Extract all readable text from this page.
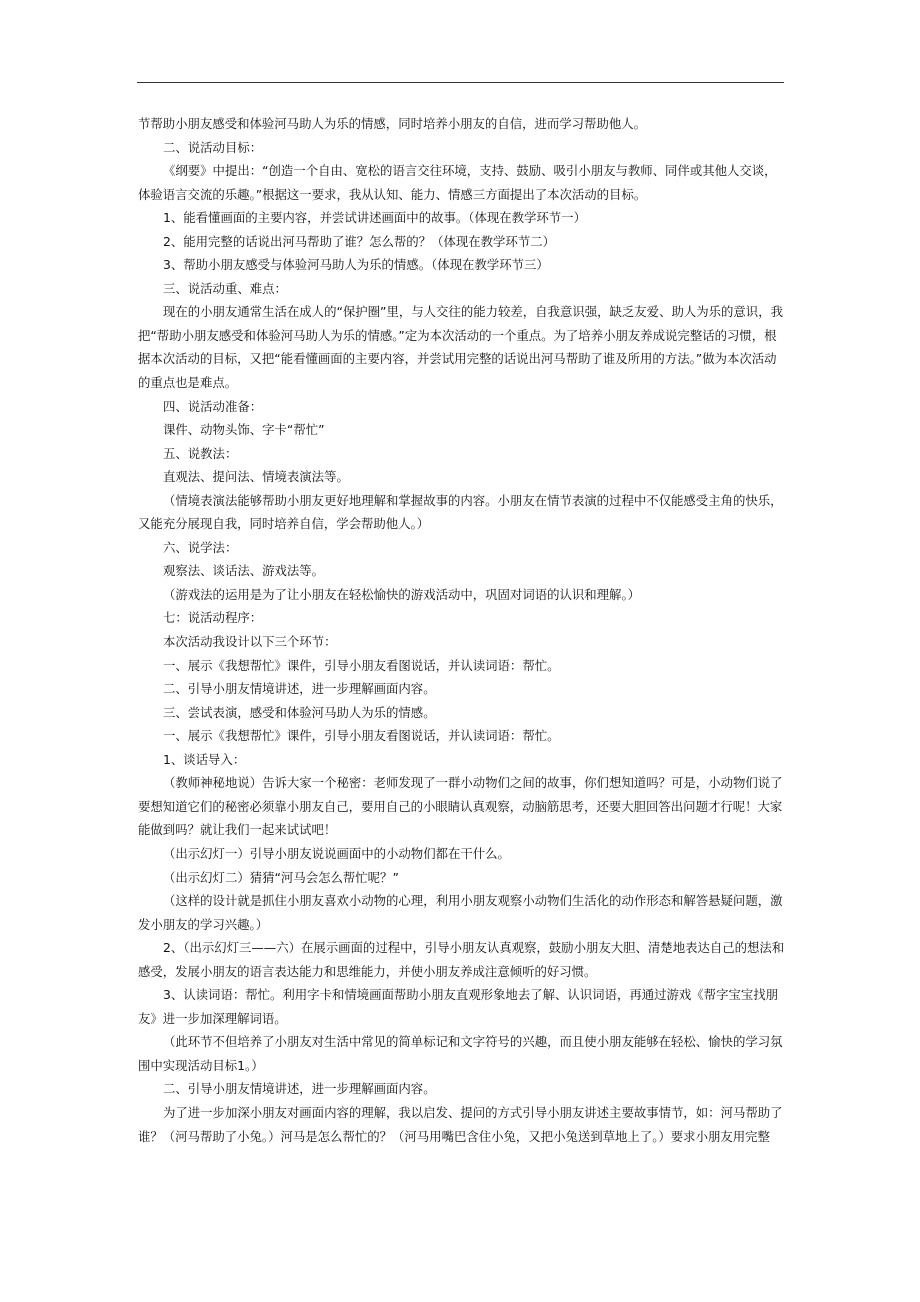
节帮助小朋友感受和体验河马助人为乐的情感，同时培养小朋友的自信，进而学习帮助他人。

二、说活动目标：

《纲要》中提出：“创造一个自由、宽松的语言交往环境，支持、鼓励、吸引小朋友与教师、同伴或其他人交谈，体验语言交流的乐趣。”根据这一要求，我从认知、能力、情感三方面提出了本次活动的目标。

1、能看懂画面的主要内容，并尝试讲述画面中的故事。（体现在教学环节一）

2、能用完整的话说出河马帮助了谁？怎么帮的？（体现在教学环节二）

3、帮助小朋友感受与体验河马助人为乐的情感。（体现在教学环节三）

三、说活动重、难点：

现在的小朋友通常生活在成人的“保护圈”里，与人交往的能力较差，自我意识强，缺乏友爱、助人为乐的意识，我把“帮助小朋友感受和体验河马助人为乐的情感。”定为本次活动的一个重点。为了培养小朋友养成说完整话的习惯，根据本次活动的目标，又把“能看懂画面的主要内容，并尝试用完整的话说出河马帮助了谁及所用的方法。”做为本次活动的重点也是难点。

四、说活动准备：

课件、动物头饰、字卡“帮忙”

五、说教法：

直观法、提问法、情境表演法等。

（情境表演法能够帮助小朋友更好地理解和掌握故事的内容。小朋友在情节表演的过程中不仅能感受主角的快乐，又能充分展现自我，同时培养自信，学会帮助他人。）

六、说学法：

观察法、谈话法、游戏法等。

（游戏法的运用是为了让小朋友在轻松愉快的游戏活动中，巩固对词语的认识和理解。）

七：说活动程序：

本次活动我设计以下三个环节：

一、展示《我想帮忙》课件，引导小朋友看图说话，并认读词语：帮忙。

二、引导小朋友情境讲述，进一步理解画面内容。

三、尝试表演，感受和体验河马助人为乐的情感。

一、展示《我想帮忙》课件，引导小朋友看图说话，并认读词语：帮忙。

1、谈话导入：

（教师神秘地说）告诉大家一个秘密：老师发现了一群小动物们之间的故事，你们想知道吗？可是，小动物们说了要想知道它们的秘密必须靠小朋友自己，要用自己的小眼睛认真观察，动脑筋思考，还要大胆回答出问题才行呢！大家能做到吗？就让我们一起来试试吧！

（出示幻灯一）引导小朋友说说画面中的小动物们都在干什么。

（出示幻灯二）猜猜“河马会怎么帮忙呢？”

（这样的设计就是抓住小朋友喜欢小动物的心理，利用小朋友观察小动物们生活化的动作形态和解答悬疑问题，激发小朋友的学习兴趣。）

2、（出示幻灯三——六）在展示画面的过程中，引导小朋友认真观察，鼓励小朋友大胆、清楚地表达自己的想法和感受，发展小朋友的语言表达能力和思维能力，并使小朋友养成注意倾听的好习惯。

3、认读词语：帮忙。利用字卡和情境画面帮助小朋友直观形象地去了解、认识词语，再通过游戏《帮字宝宝找朋友》进一步加深理解词语。

（此环节不但培养了小朋友对生活中常见的简单标记和文字符号的兴趣，而且使小朋友能够在轻松、愉快的学习氛围中实现活动目标1。）

二、引导小朋友情境讲述，进一步理解画面内容。

为了进一步加深小朋友对画面内容的理解，我以启发、提问的方式引导小朋友讲述主要故事情节，如：河马帮助了谁？（河马帮助了小兔。）河马是怎么帮忙的？（河马用嘴巴含住小兔，又把小兔送到草地上了。）要求小朋友用完整
